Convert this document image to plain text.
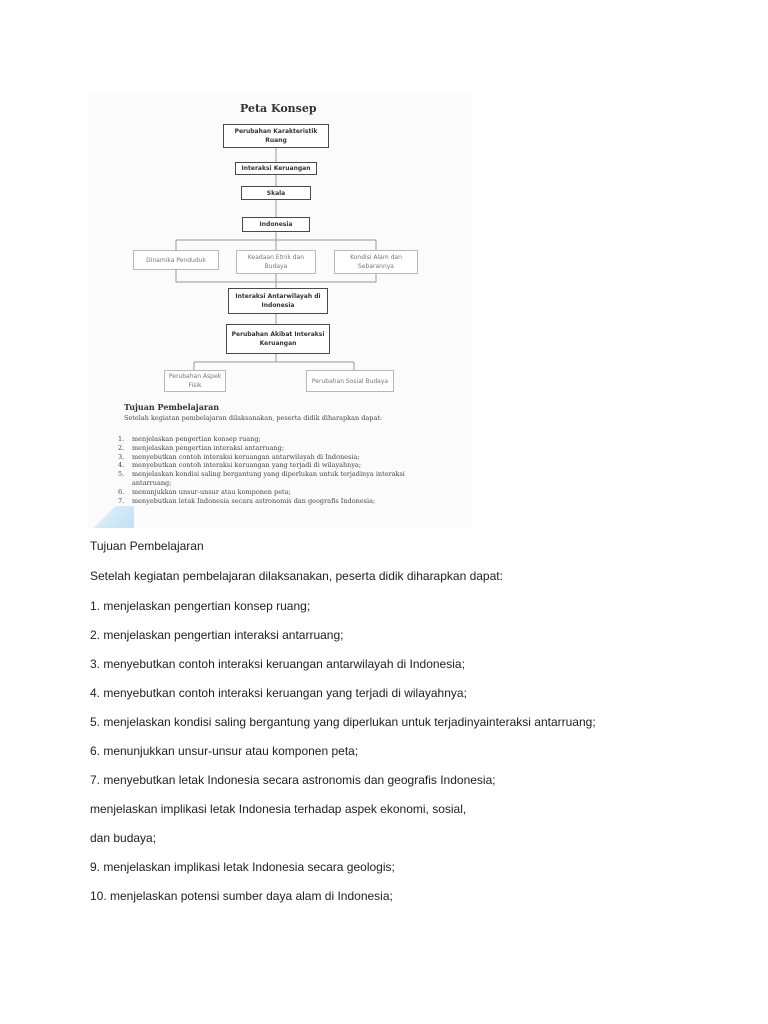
Peta Konsep
Perubahan Karakteristik Ruang
Interaksi Keruangan
Skala
Indonesia
Dinamika Penduduk	Keadaan Etnik dan Budaya
Kondisi Alam dan Sebarannya
Interaksi Antarwilayah di Indonesia
Perubahan Akibat Interaksi Keruangan
Perubahan Aspek Fisik
Perubahan Sosial Budaya
Tujuan Pembelajaran
Setelah kegiatan pembelajaran dilaksanakan, peserta didik diharapkan dapat:
1.	menjelaskan pengertian konsep ruang;
2.	menjelaskan pengertian interaksi antarruang;
3.	menyebutkan contoh interaksi keruangan antarwilayah di Indonesia;
4.	menyebutkan contoh interaksi keruangan yang terjadi di wilayahnya;
5.	menjelaskan kondisi saling bergantung yang diperlukan untuk terjadinya interaksi antarruang;
6.	menunjukkan unsur-unsur atau komponen peta;
7.	menyebutkan letak Indonesia secara astronomis dan geografis Indonesia;
Tujuan Pembelajaran
Setelah kegiatan pembelajaran dilaksanakan, peserta didik diharapkan dapat:
1. menjelaskan pengertian konsep ruang;
2. menjelaskan pengertian interaksi antarruang;
3. menyebutkan contoh interaksi keruangan antarwilayah di Indonesia;
4. menyebutkan contoh interaksi keruangan yang terjadi di wilayahnya;
5. menjelaskan kondisi saling bergantung yang diperlukan untuk terjadinyainteraksi antarruang;
6. menunjukkan unsur-unsur atau komponen peta;
7. menyebutkan letak Indonesia secara astronomis dan geografis Indonesia;
menjelaskan implikasi letak Indonesia terhadap aspek ekonomi, sosial,
dan budaya;
9. menjelaskan implikasi letak Indonesia secara geologis;
10. menjelaskan potensi sumber daya alam di Indonesia;
